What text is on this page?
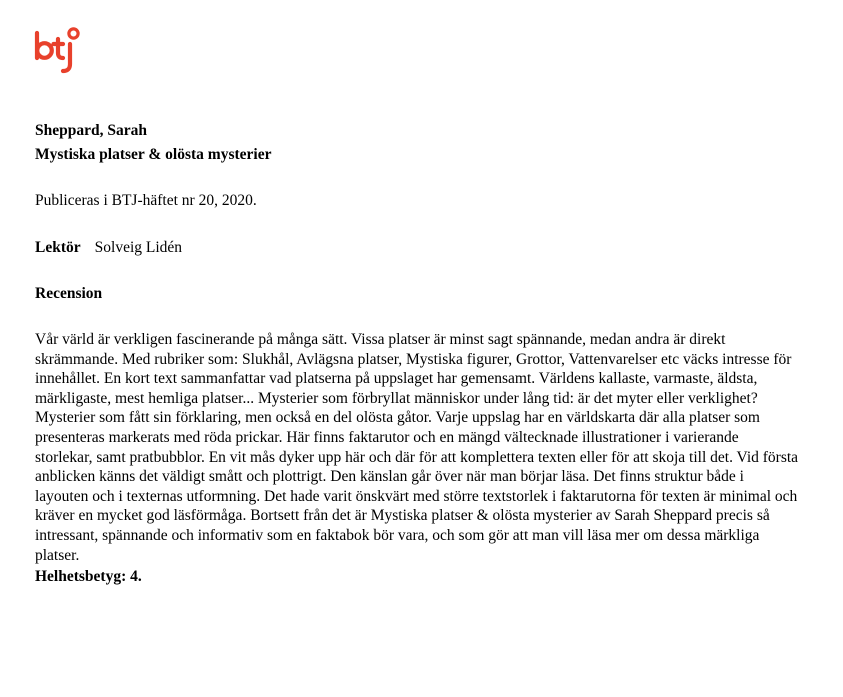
Sheppard, Sarah

Mystiska platser & olösta mysterier

Publiceras i BTJ-häftet nr 20, 2020.

Lektör Solveig Lidén

Recension

Vår värld är verkligen fascinerande på många sätt. Vissa platser är minst sagt spännande, medan andra är direkt skrämmande. Med rubriker som: Slukhål, Avlägsna platser, Mystiska figurer, Grottor, Vattenvarelser etc väcks intresse för innehållet. En kort text sammanfattar vad platserna på uppslaget har gemensamt. Världens kallaste, varmaste, äldsta, märkligaste, mest hemliga platser... Mysterier som förbryllat människor under lång tid: är det myter eller verklighet? Mysterier som fått sin förklaring, men också en del olösta gåtor. Varje uppslag har en världskarta där alla platser som presenteras markerats med röda prickar. Här finns faktarutor och en mängd vältecknade illustrationer i varierande storlekar, samt pratbubblor. En vit mås dyker upp här och där för att komplettera texten eller för att skoja till det. Vid första anblicken känns det väldigt smått och plottrigt. Den känslan går över när man börjar läsa. Det finns struktur både i layouten och i texternas utformning. Det hade varit önskvärt med större textstorlek i faktarutorna för texten är minimal och kräver en mycket god läsförmåga. Bortsett från det är Mystiska platser & olösta mysterier av Sarah Sheppard precis så intressant, spännande och informativ som en faktabok bör vara, och som gör att man vill läsa mer om dessa märkliga platser.

Helhetsbetyg: 4.
